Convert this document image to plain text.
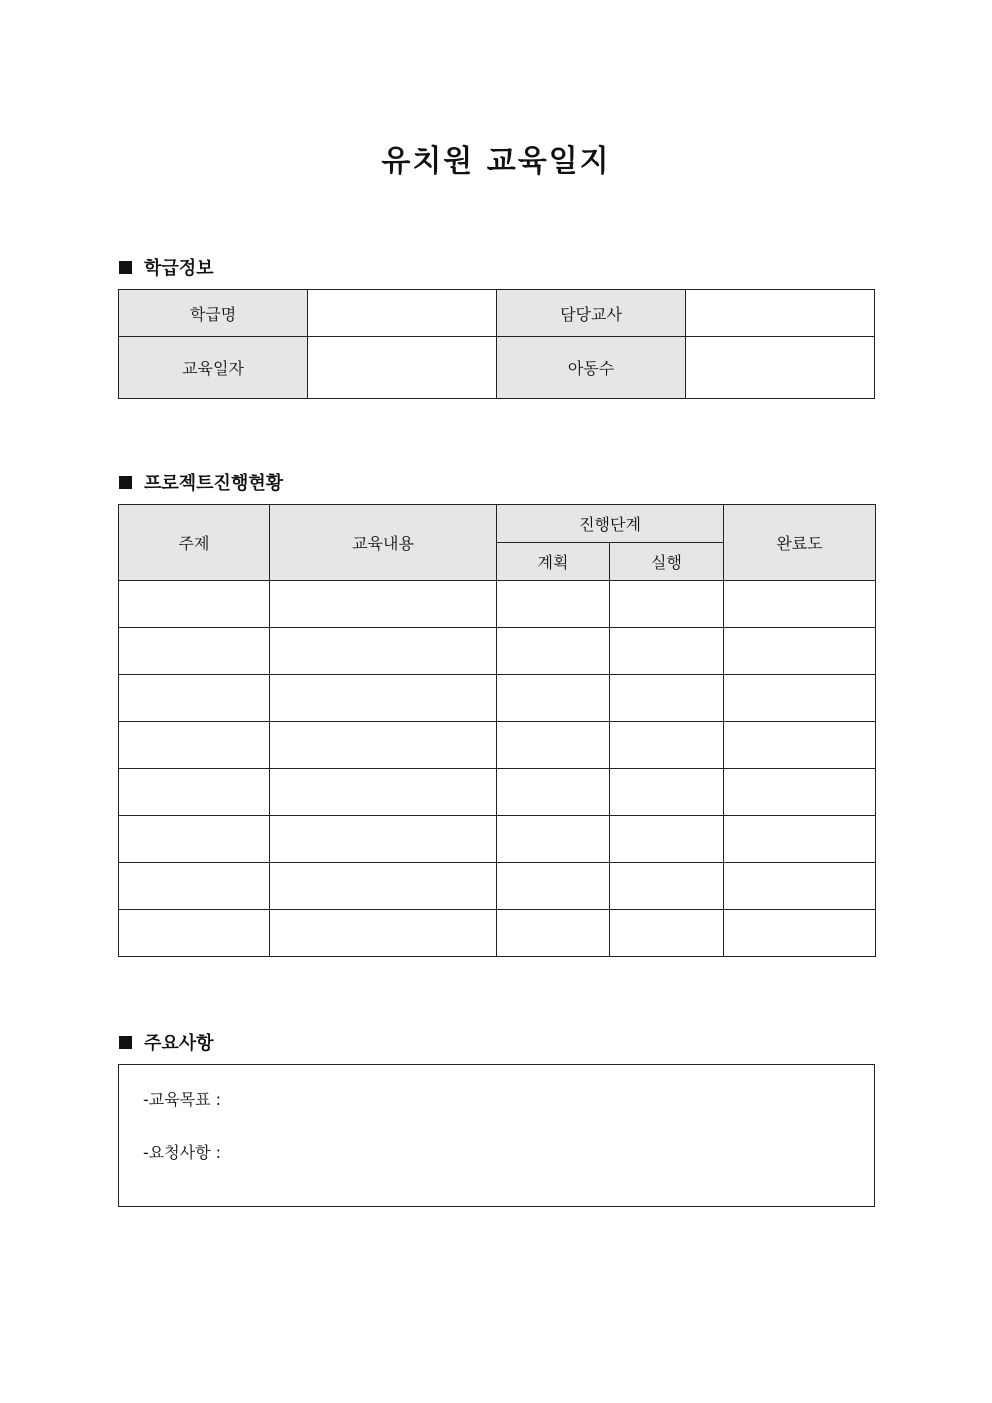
유치원 교육일지
학급정보
학급명		담당교사	
교육일자		아동수	
프로젝트진행현황
주제	교육내용	진행단계		완료도
		계획	실행	

주요사항
-교육목표 :
-요청사항 :
